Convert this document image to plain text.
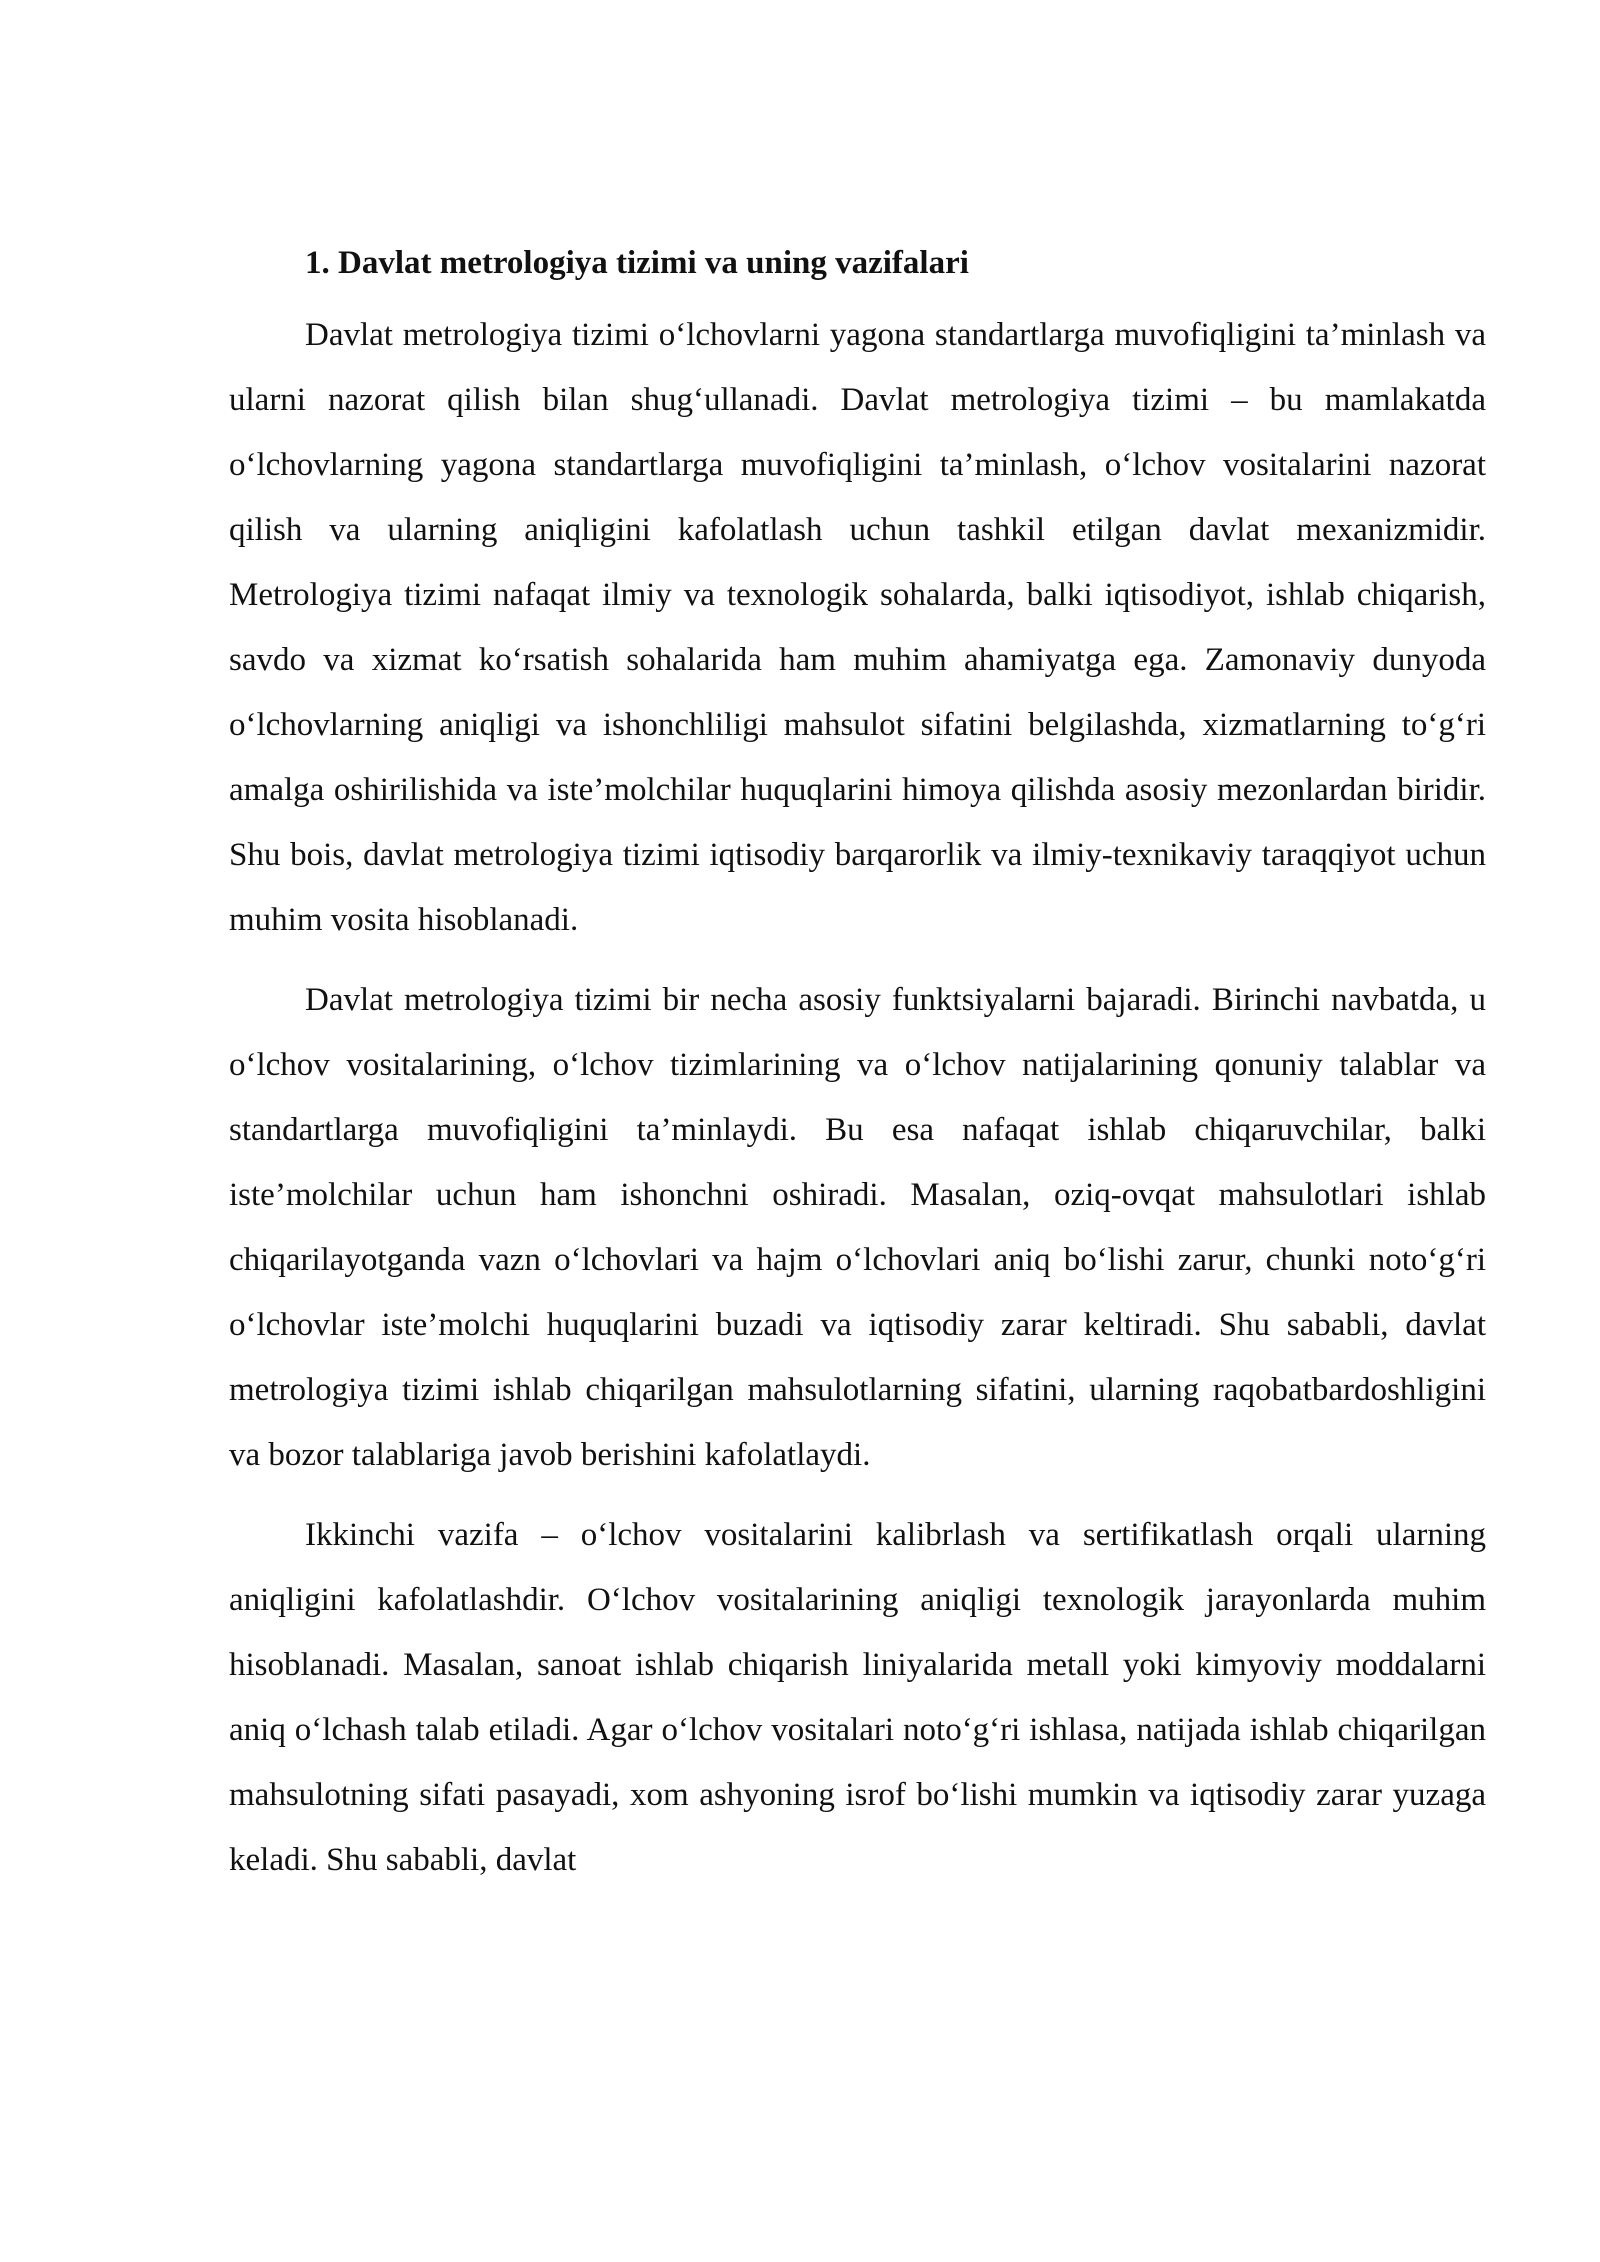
1. Davlat metrologiya tizimi va uning vazifalari

Davlat metrologiya tizimi o‘lchovlarni yagona standartlarga muvofiqligini ta’minlash va ularni nazorat qilish bilan shug‘ullanadi. Davlat metrologiya tizimi – bu mamlakatda o‘lchovlarning yagona standartlarga muvofiqligini ta’minlash, o‘lchov vositalarini nazorat qilish va ularning aniqligini kafolatlash uchun tashkil etilgan davlat mexanizmidir. Metrologiya tizimi nafaqat ilmiy va texnologik sohalarda, balki iqtisodiyot, ishlab chiqarish, savdo va xizmat ko‘rsatish sohalarida ham muhim ahamiyatga ega. Zamonaviy dunyoda o‘lchovlarning aniqligi va ishonchliligi mahsulot sifatini belgilashda, xizmatlarning to‘g‘ri amalga oshirilishida va iste’molchilar huquqlarini himoya qilishda asosiy mezonlardan biridir. Shu bois, davlat metrologiya tizimi iqtisodiy barqarorlik va ilmiy-texnikaviy taraqqiyot uchun muhim vosita hisoblanadi.

Davlat metrologiya tizimi bir necha asosiy funktsiyalarni bajaradi. Birinchi navbatda, u o‘lchov vositalarining, o‘lchov tizimlarining va o‘lchov natijalarining qonuniy talablar va standartlarga muvofiqligini ta’minlaydi. Bu esa nafaqat ishlab chiqaruvchilar, balki iste’molchilar uchun ham ishonchni oshiradi. Masalan, oziq-ovqat mahsulotlari ishlab chiqarilayotganda vazn o‘lchovlari va hajm o‘lchovlari aniq bo‘lishi zarur, chunki noto‘g‘ri o‘lchovlar iste’molchi huquqlarini buzadi va iqtisodiy zarar keltiradi. Shu sababli, davlat metrologiya tizimi ishlab chiqarilgan mahsulotlarning sifatini, ularning raqobatbardoshligini va bozor talablariga javob berishini kafolatlaydi.

Ikkinchi vazifa – o‘lchov vositalarini kalibrlash va sertifikatlash orqali ularning aniqligini kafolatlashdir. O‘lchov vositalarining aniqligi texnologik jarayonlarda muhim hisoblanadi. Masalan, sanoat ishlab chiqarish liniyalarida metall yoki kimyoviy moddalarni aniq o‘lchash talab etiladi. Agar o‘lchov vositalari noto‘g‘ri ishlasa, natijada ishlab chiqarilgan mahsulotning sifati pasayadi, xom ashyoning isrof bo‘lishi mumkin va iqtisodiy zarar yuzaga keladi. Shu sababli, davlat
